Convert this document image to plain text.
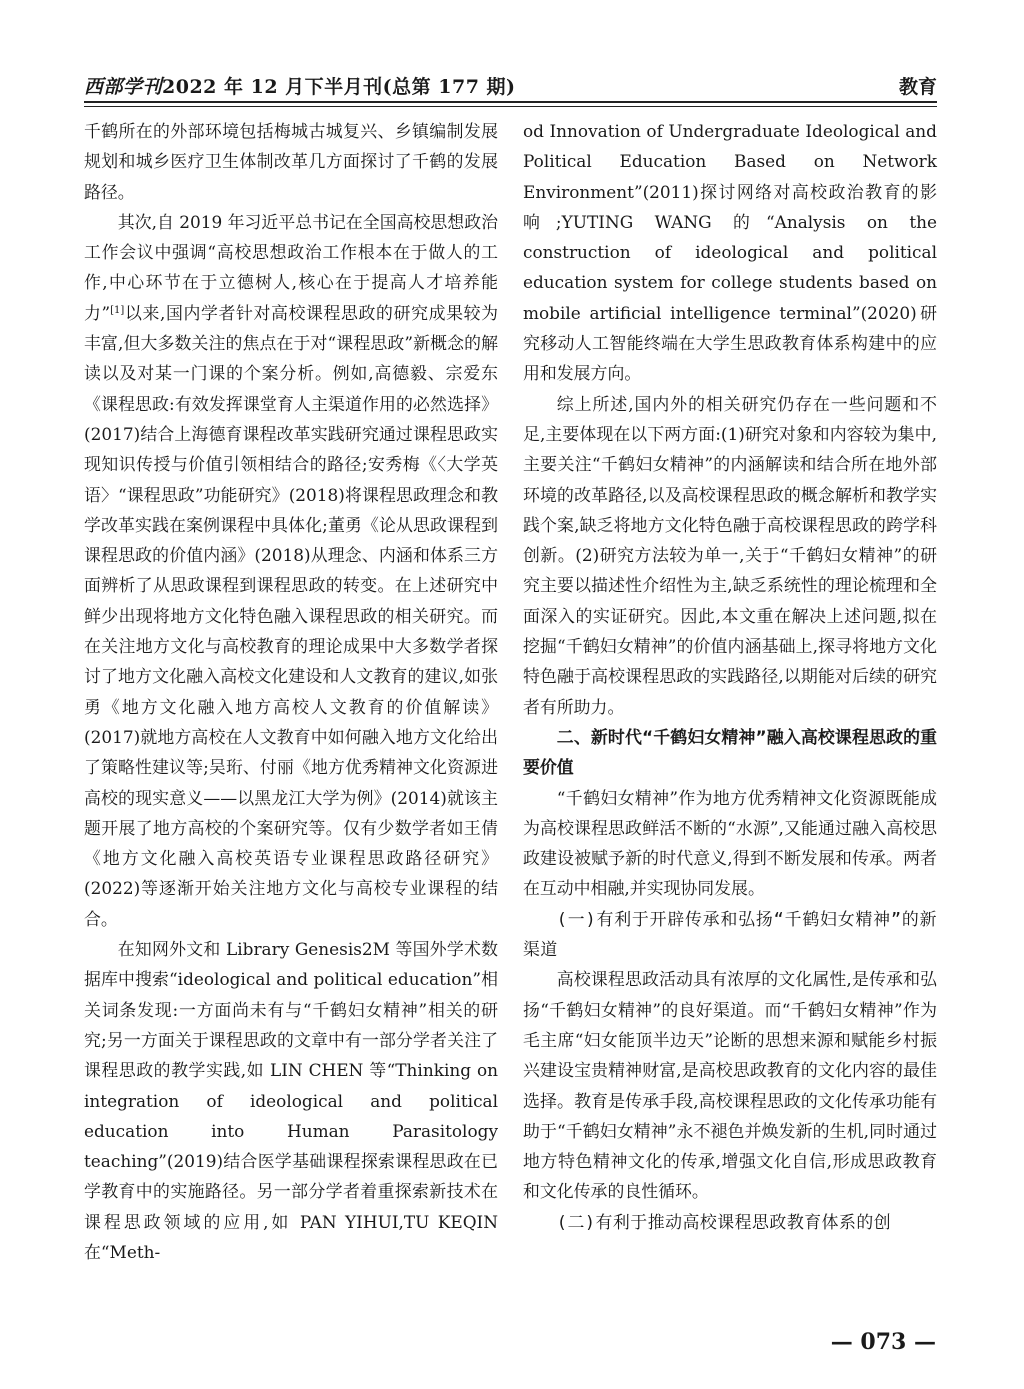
西部学刊2022 年 12 月下半月刊(总第 177 期)	教育

千鹤所在的外部环境包括梅城古城复兴、乡镇编制发展规划和城乡医疗卫生体制改革几方面探讨了千鹤的发展路径。

其次,自 2019 年习近平总书记在全国高校思想政治工作会议中强调“高校思想政治工作根本在于做人的工作,中心环节在于立德树人,核心在于提高人才培养能力”[1]以来,国内学者针对高校课程思政的研究成果较为丰富,但大多数关注的焦点在于对“课程思政”新概念的解读以及对某一门课的个案分析。例如,高德毅、宗爱东《课程思政:有效发挥课堂育人主渠道作用的必然选择》(2017)结合上海德育课程改革实践研究通过课程思政实现知识传授与价值引领相结合的路径;安秀梅《〈大学英语〉“课程思政”功能研究》(2018)将课程思政理念和教学改革实践在案例课程中具体化;董勇《论从思政课程到课程思政的价值内涵》(2018)从理念、内涵和体系三方面辨析了从思政课程到课程思政的转变。在上述研究中鲜少出现将地方文化特色融入课程思政的相关研究。而在关注地方文化与高校教育的理论成果中大多数学者探讨了地方文化融入高校文化建设和人文教育的建议,如张勇《地方文化融入地方高校人文教育的价值解读》(2017)就地方高校在人文教育中如何融入地方文化给出了策略性建议等;吴珩、付丽《地方优秀精神文化资源进高校的现实意义——以黑龙江大学为例》(2014)就该主题开展了地方高校的个案研究等。仅有少数学者如王倩《地方文化融入高校英语专业课程思政路径研究》(2022)等逐渐开始关注地方文化与高校专业课程的结合。

在知网外文和 Library Genesis2M 等国外学术数据库中搜索“ideological and political education”相关词条发现:一方面尚未有与“千鹤妇女精神”相关的研究;另一方面关于课程思政的文章中有一部分学者关注了课程思政的教学实践,如 LIN CHEN 等“Thinking on integration of ideological and political education into Human Parasitology teaching”(2019)结合医学基础课程探索课程思政在已学教育中的实施路径。另一部分学者着重探索新技术在课程思政领域的应用,如 PAN YIHUI,TU KEQIN 在“Meth-

od Innovation of Undergraduate Ideological and Political Education Based on Network Environment”(2011)探讨网络对高校政治教育的影响;YUTING WANG 的“Analysis on the construction of ideological and political education system for college students based on mobile artificial intelligence terminal”(2020)研究移动人工智能终端在大学生思政教育体系构建中的应用和发展方向。

综上所述,国内外的相关研究仍存在一些问题和不足,主要体现在以下两方面:(1)研究对象和内容较为集中,主要关注“千鹤妇女精神”的内涵解读和结合所在地外部环境的改革路径,以及高校课程思政的概念解析和教学实践个案,缺乏将地方文化特色融于高校课程思政的跨学科创新。(2)研究方法较为单一,关于“千鹤妇女精神”的研究主要以描述性介绍性为主,缺乏系统性的理论梳理和全面深入的实证研究。因此,本文重在解决上述问题,拟在挖掘“千鹤妇女精神”的价值内涵基础上,探寻将地方文化特色融于高校课程思政的实践路径,以期能对后续的研究者有所助力。

二、新时代“千鹤妇女精神”融入高校课程思政的重要价值

“千鹤妇女精神”作为地方优秀精神文化资源既能成为高校课程思政鲜活不断的“水源”,又能通过融入高校思政建设被赋予新的时代意义,得到不断发展和传承。两者在互动中相融,并实现协同发展。

(一)有利于开辟传承和弘扬“千鹤妇女精神”的新渠道

高校课程思政活动具有浓厚的文化属性,是传承和弘扬“千鹤妇女精神”的良好渠道。而“千鹤妇女精神”作为毛主席“妇女能顶半边天”论断的思想来源和赋能乡村振兴建设宝贵精神财富,是高校思政教育的文化内容的最佳选择。教育是传承手段,高校课程思政的文化传承功能有助于“千鹤妇女精神”永不褪色并焕发新的生机,同时通过地方特色精神文化的传承,增强文化自信,形成思政教育和文化传承的良性循环。

(二)有利于推动高校课程思政教育体系的创
— 073 —
